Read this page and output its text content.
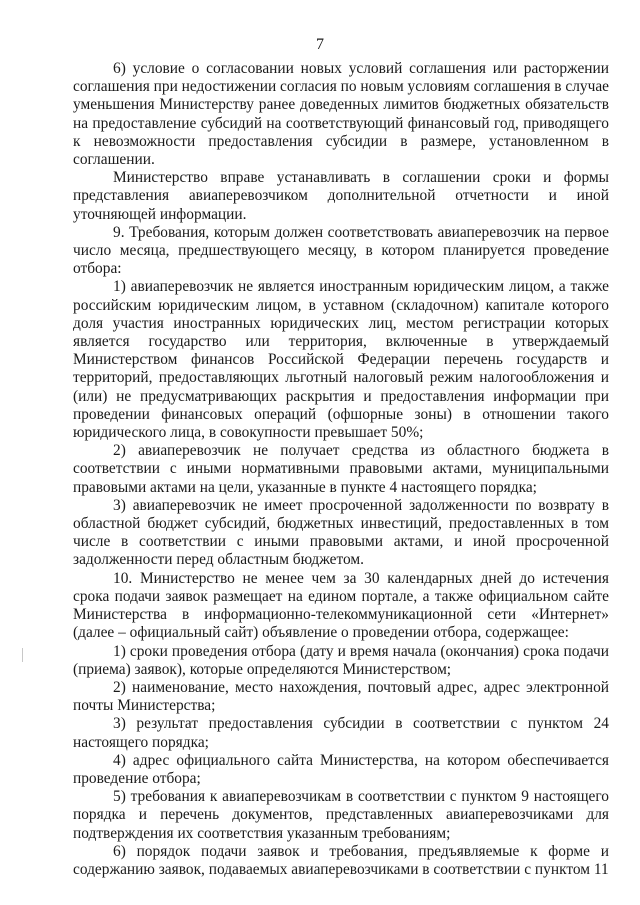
7

6) условие о согласовании новых условий соглашения или расторжении соглашения при недостижении согласия по новым условиям соглашения в случае уменьшения Министерству ранее доведенных лимитов бюджетных обязательств на предоставление субсидий на соответствующий финансовый год, приводящего к невозможности предоставления субсидии в размере, установленном в соглашении.

Министерство вправе устанавливать в соглашении сроки и формы представления авиаперевозчиком дополнительной отчетности и иной уточняющей информации.

9. Требования, которым должен соответствовать авиаперевозчик на первое число месяца, предшествующего месяцу, в котором планируется проведение отбора:

1) авиаперевозчик не является иностранным юридическим лицом, а также российским юридическим лицом, в уставном (складочном) капитале которого доля участия иностранных юридических лиц, местом регистрации которых является государство или территория, включенные в утверждаемый Министерством финансов Российской Федерации перечень государств и территорий, предоставляющих льготный налоговый режим налогообложения и (или) не предусматривающих раскрытия и предоставления информации при проведении финансовых операций (офшорные зоны) в отношении такого юридического лица, в совокупности превышает 50%;

2) авиаперевозчик не получает средства из областного бюджета в соответствии с иными нормативными правовыми актами, муниципальными правовыми актами на цели, указанные в пункте 4 настоящего порядка;

3) авиаперевозчик не имеет просроченной задолженности по возврату в областной бюджет субсидий, бюджетных инвестиций, предоставленных в том числе в соответствии с иными правовыми актами, и иной просроченной задолженности перед областным бюджетом.

10. Министерство не менее чем за 30 календарных дней до истечения срока подачи заявок размещает на едином портале, а также официальном сайте Министерства в информационно-телекоммуникационной сети «Интернет» (далее – официальный сайт) объявление о проведении отбора, содержащее:

1) сроки проведения отбора (дату и время начала (окончания) срока подачи (приема) заявок), которые определяются Министерством;

2) наименование, место нахождения, почтовый адрес, адрес электронной почты Министерства;

3) результат предоставления субсидии в соответствии с пунктом 24 настоящего порядка;

4) адрес официального сайта Министерства, на котором обеспечивается проведение отбора;

5) требования к авиаперевозчикам в соответствии с пунктом 9 настоящего порядка и перечень документов, представленных авиаперевозчиками для подтверждения их соответствия указанным требованиям;

6) порядок подачи заявок и требования, предъявляемые к форме и содержанию заявок, подаваемых авиаперевозчиками в соответствии с пунктом 11
